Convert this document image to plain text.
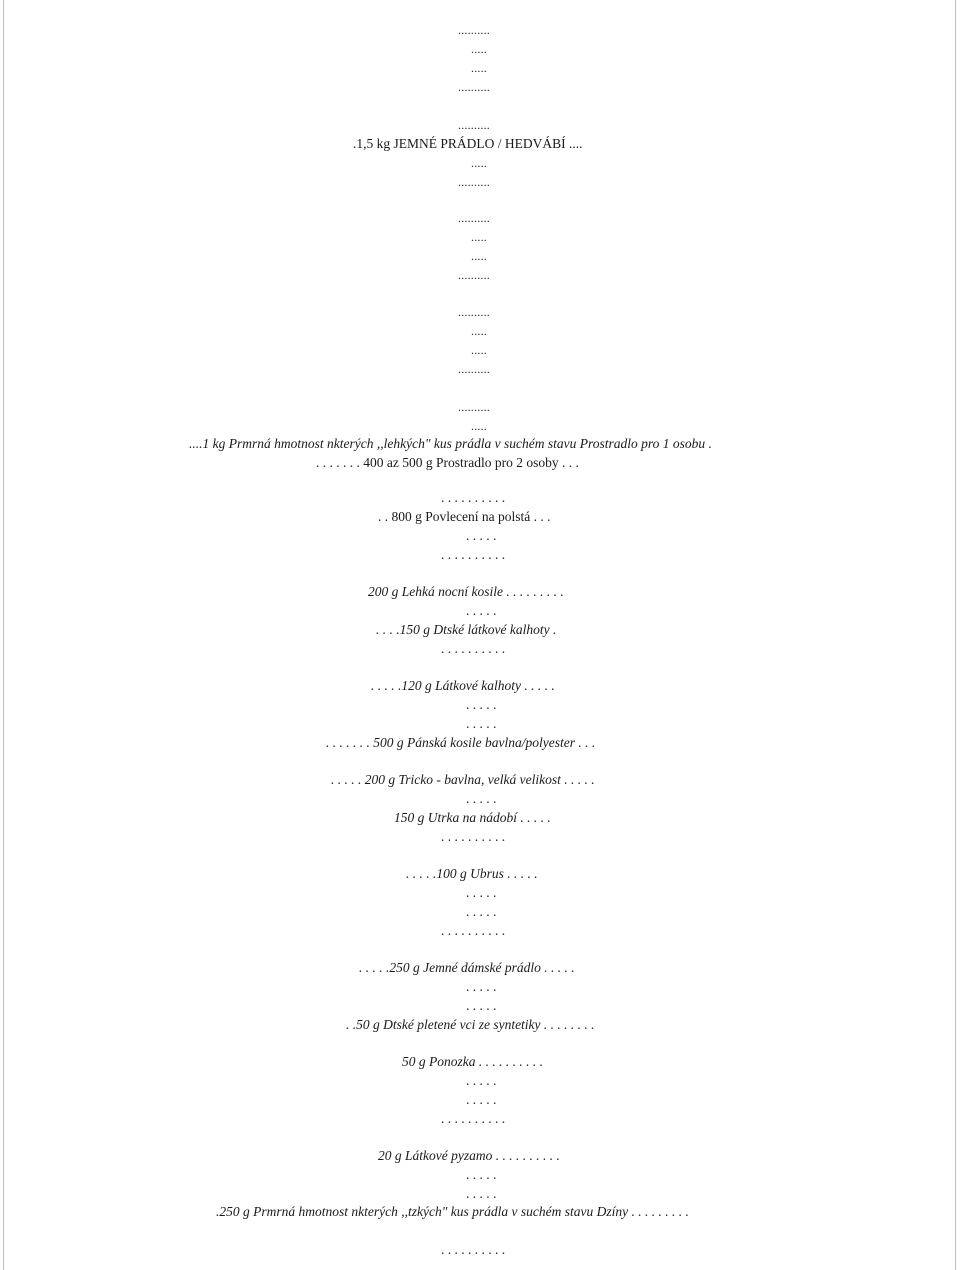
..........
.....
.....
..........
..........
.1,5 kg JEMNÉ PRÁDLO / HEDVÁBÍ ....
.....
..........
..........
.....
.....
..........
..........
.....
.....
..........
..........
.....
....1 kg Prmrná hmotnost nkterých ,,lehkých" kus prádla v suchém stavu Prostradlo pro 1 osobu .
. . . . . . . 400 az 500 g Prostradlo pro 2 osoby . . .
. . . . . . . . . .
. . 800 g Povlecení na polstá . . .
. . . . .
. . . . . . . . . .
200 g Lehká nocní kosile . . . . . . . . .
. . . . .
. . . .150 g Dtské látkové kalhoty .
. . . . . . . . . .
. . . . .120 g Látkové kalhoty . . . . .
. . . . .
. . . . .
. . . . . . . 500 g Pánská kosile bavlna/polyester . . .
. . . . . 200 g Tricko - bavlna, velká velikost . . . . .
. . . . .
150 g Utrka na nádobí . . . . .
. . . . . . . . . .
. . . . .100 g Ubrus . . . . .
. . . . .
. . . . .
. . . . . . . . . .
. . . . .250 g Jemné dámské prádlo . . . . .
. . . . .
. . . . .
. .50 g Dtské pletené vci ze syntetiky . . . . . . . .
50 g Ponozka . . . . . . . . . .
. . . . .
. . . . .
. . . . . . . . . .
20 g Látkové pyzamo . . . . . . . . . .
. . . . .
. . . . .
.250 g Prmrná hmotnost nkterých ,,tzkých" kus prádla v suchém stavu Dzíny . . . . . . . . .
. . . . . . . . . .
